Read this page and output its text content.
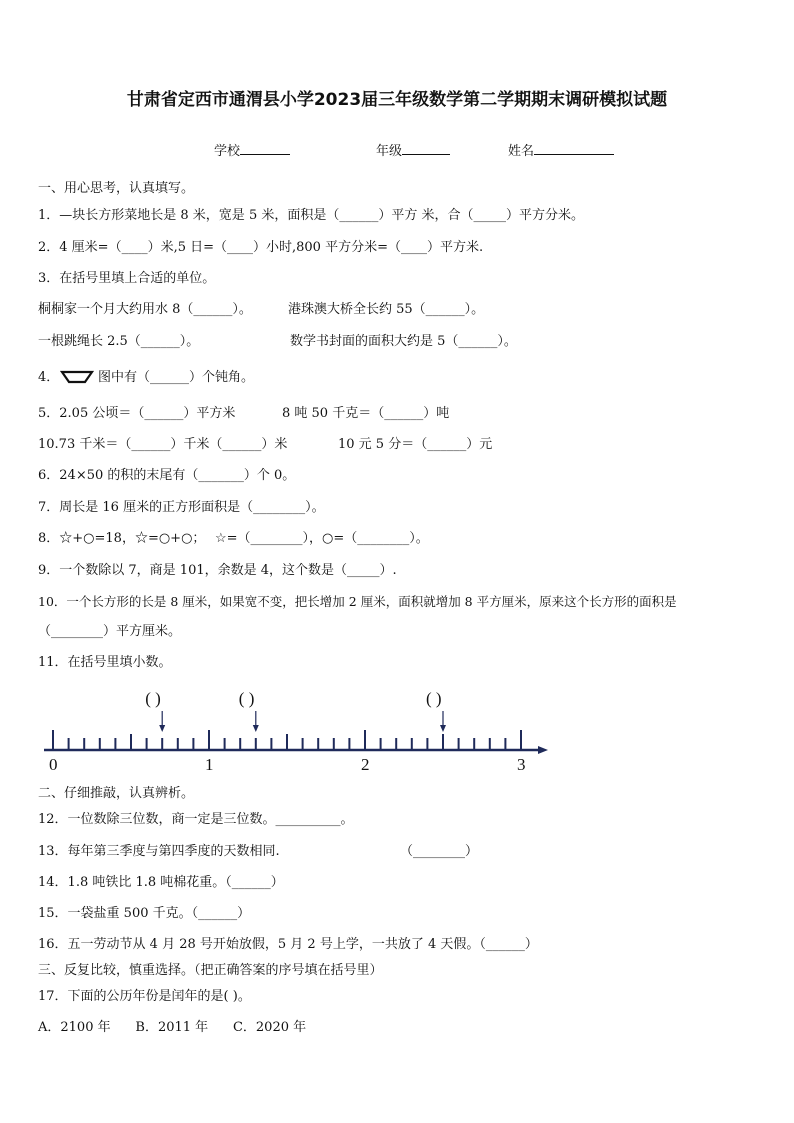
甘肃省定西市通渭县小学2023届三年级数学第二学期期末调研模拟试题
学校	年级	姓名
一、用心思考，认真填写。
1．—块长方形菜地长是 8 米，宽是 5 米，面积是（______）平方 米，合（_____）平方分米。
2．4 厘米=（____）米,5 日=（____）小时,800 平方分米=（____）平方米.
3．在括号里填上合适的单位。
桐桐家一个月大约用水 8（______）。	港珠澳大桥全长约 55（______）。
一根跳绳长 2.5（______）。	数学书封面的面积大约是 5（______）。
4．	图中有（______）个钝角。
5．2.05 公顷＝（______）平方米	8 吨 50 千克＝（______）吨
10.73 千米＝（______）千米（______）米	10 元 5 分＝（______）元
6．24×50 的积的末尾有（_______）个 0。
7．周长是 16 厘米的正方形面积是（________）。
8．☆+○=18，☆=○+○； ☆=（________），○=（________）。
9．一个数除以 7，商是 101，余数是 4，这个数是（_____）.
10．一个长方形的长是 8 厘米，如果宽不变，把长增加 2 厘米，面积就增加 8 平方厘米，原来这个长方形的面积是
（________）平方厘米。
11．在括号里填小数。
0	1	2	3
( )	( )	( )
二、仔细推敲，认真辨析。
12．一位数除三位数，商一定是三位数。__________。
13．每年第三季度与第四季度的天数相同.	（________）
14．1.8 吨铁比 1.8 吨棉花重。（______）
15．一袋盐重 500 千克。（______）
16．五一劳动节从 4 月 28 号开始放假，5 月 2 号上学，一共放了 4 天假。（______）
三、反复比较，慎重选择。（把正确答案的序号填在括号里）
17．下面的公历年份是闰年的是( )。
A．2100 年      B．2011 年      C．2020 年
